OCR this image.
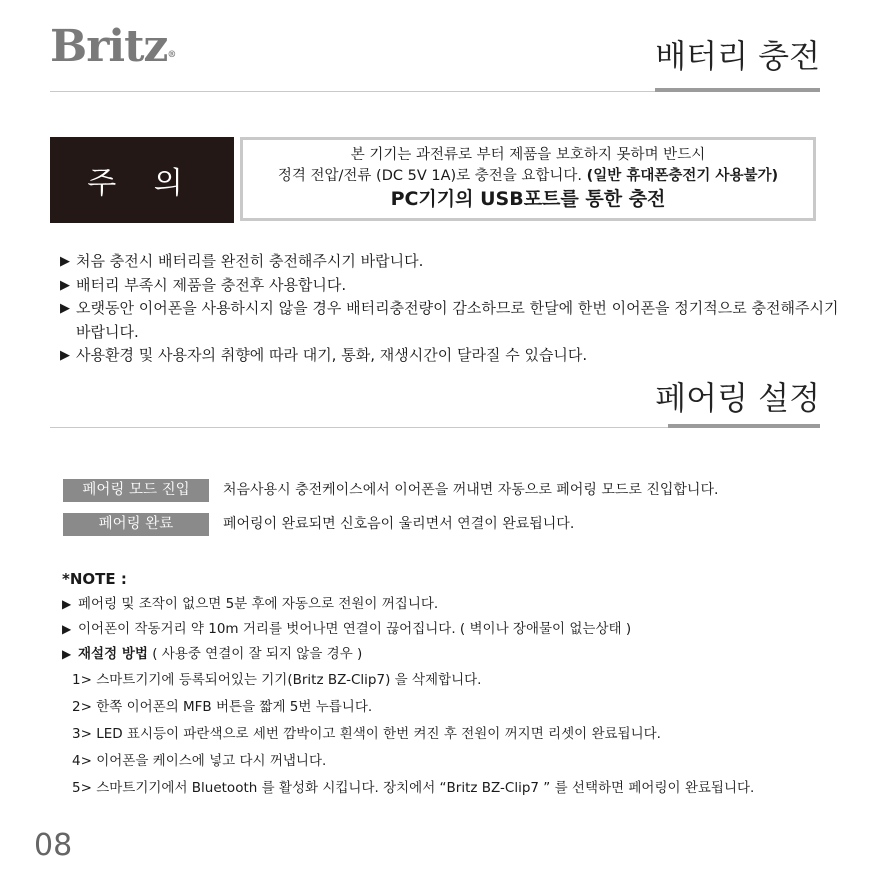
Britz®	배터리 충전
주 의
본 기기는 과전류로 부터 제품을 보호하지 못하며 반드시
정격 전압/전류 (DC 5V 1A)로 충전을 요합니다. (일반 휴대폰충전기 사용불가)
PC기기의 USB포트를 통한 충전
▶ 처음 충전시 배터리를 완전히 충전해주시기 바랍니다.
▶ 배터리 부족시 제품을 충전후 사용합니다.
▶ 오랫동안 이어폰을 사용하시지 않을 경우 배터리충전량이 감소하므로 한달에 한번 이어폰을 정기적으로 충전해주시기 바랍니다.
▶ 사용환경 및 사용자의 취향에 따라 대기, 통화, 재생시간이 달라질 수 있습니다.
페어링 설정
페어링 모드 진입	처음사용시 충전케이스에서 이어폰을 꺼내면 자동으로 페어링 모드로 진입합니다.
페어링 완료	페어링이 완료되면 신호음이 울리면서 연결이 완료됩니다.
*NOTE :
▶ 페어링 및 조작이 없으면 5분 후에 자동으로 전원이 꺼집니다.
▶ 이어폰이 작동거리 약 10m 거리를 벗어나면 연결이 끊어집니다. ( 벽이나 장애물이 없는상태 )
▶ 재설정 방법 ( 사용중 연결이 잘 되지 않을 경우 )
1> 스마트기기에 등록되어있는 기기(Britz BZ-Clip7) 을 삭제합니다.
2> 한쪽 이어폰의 MFB 버튼을 짧게 5번 누릅니다.
3> LED 표시등이 파란색으로 세번 깜박이고 흰색이 한번 켜진 후 전원이 꺼지면 리셋이 완료됩니다.
4> 이어폰을 케이스에 넣고 다시 꺼냅니다.
5> 스마트기기에서 Bluetooth 를 활성화 시킵니다. 장치에서 “Britz BZ-Clip7 ” 를 선택하면 페어링이 완료됩니다.
08
